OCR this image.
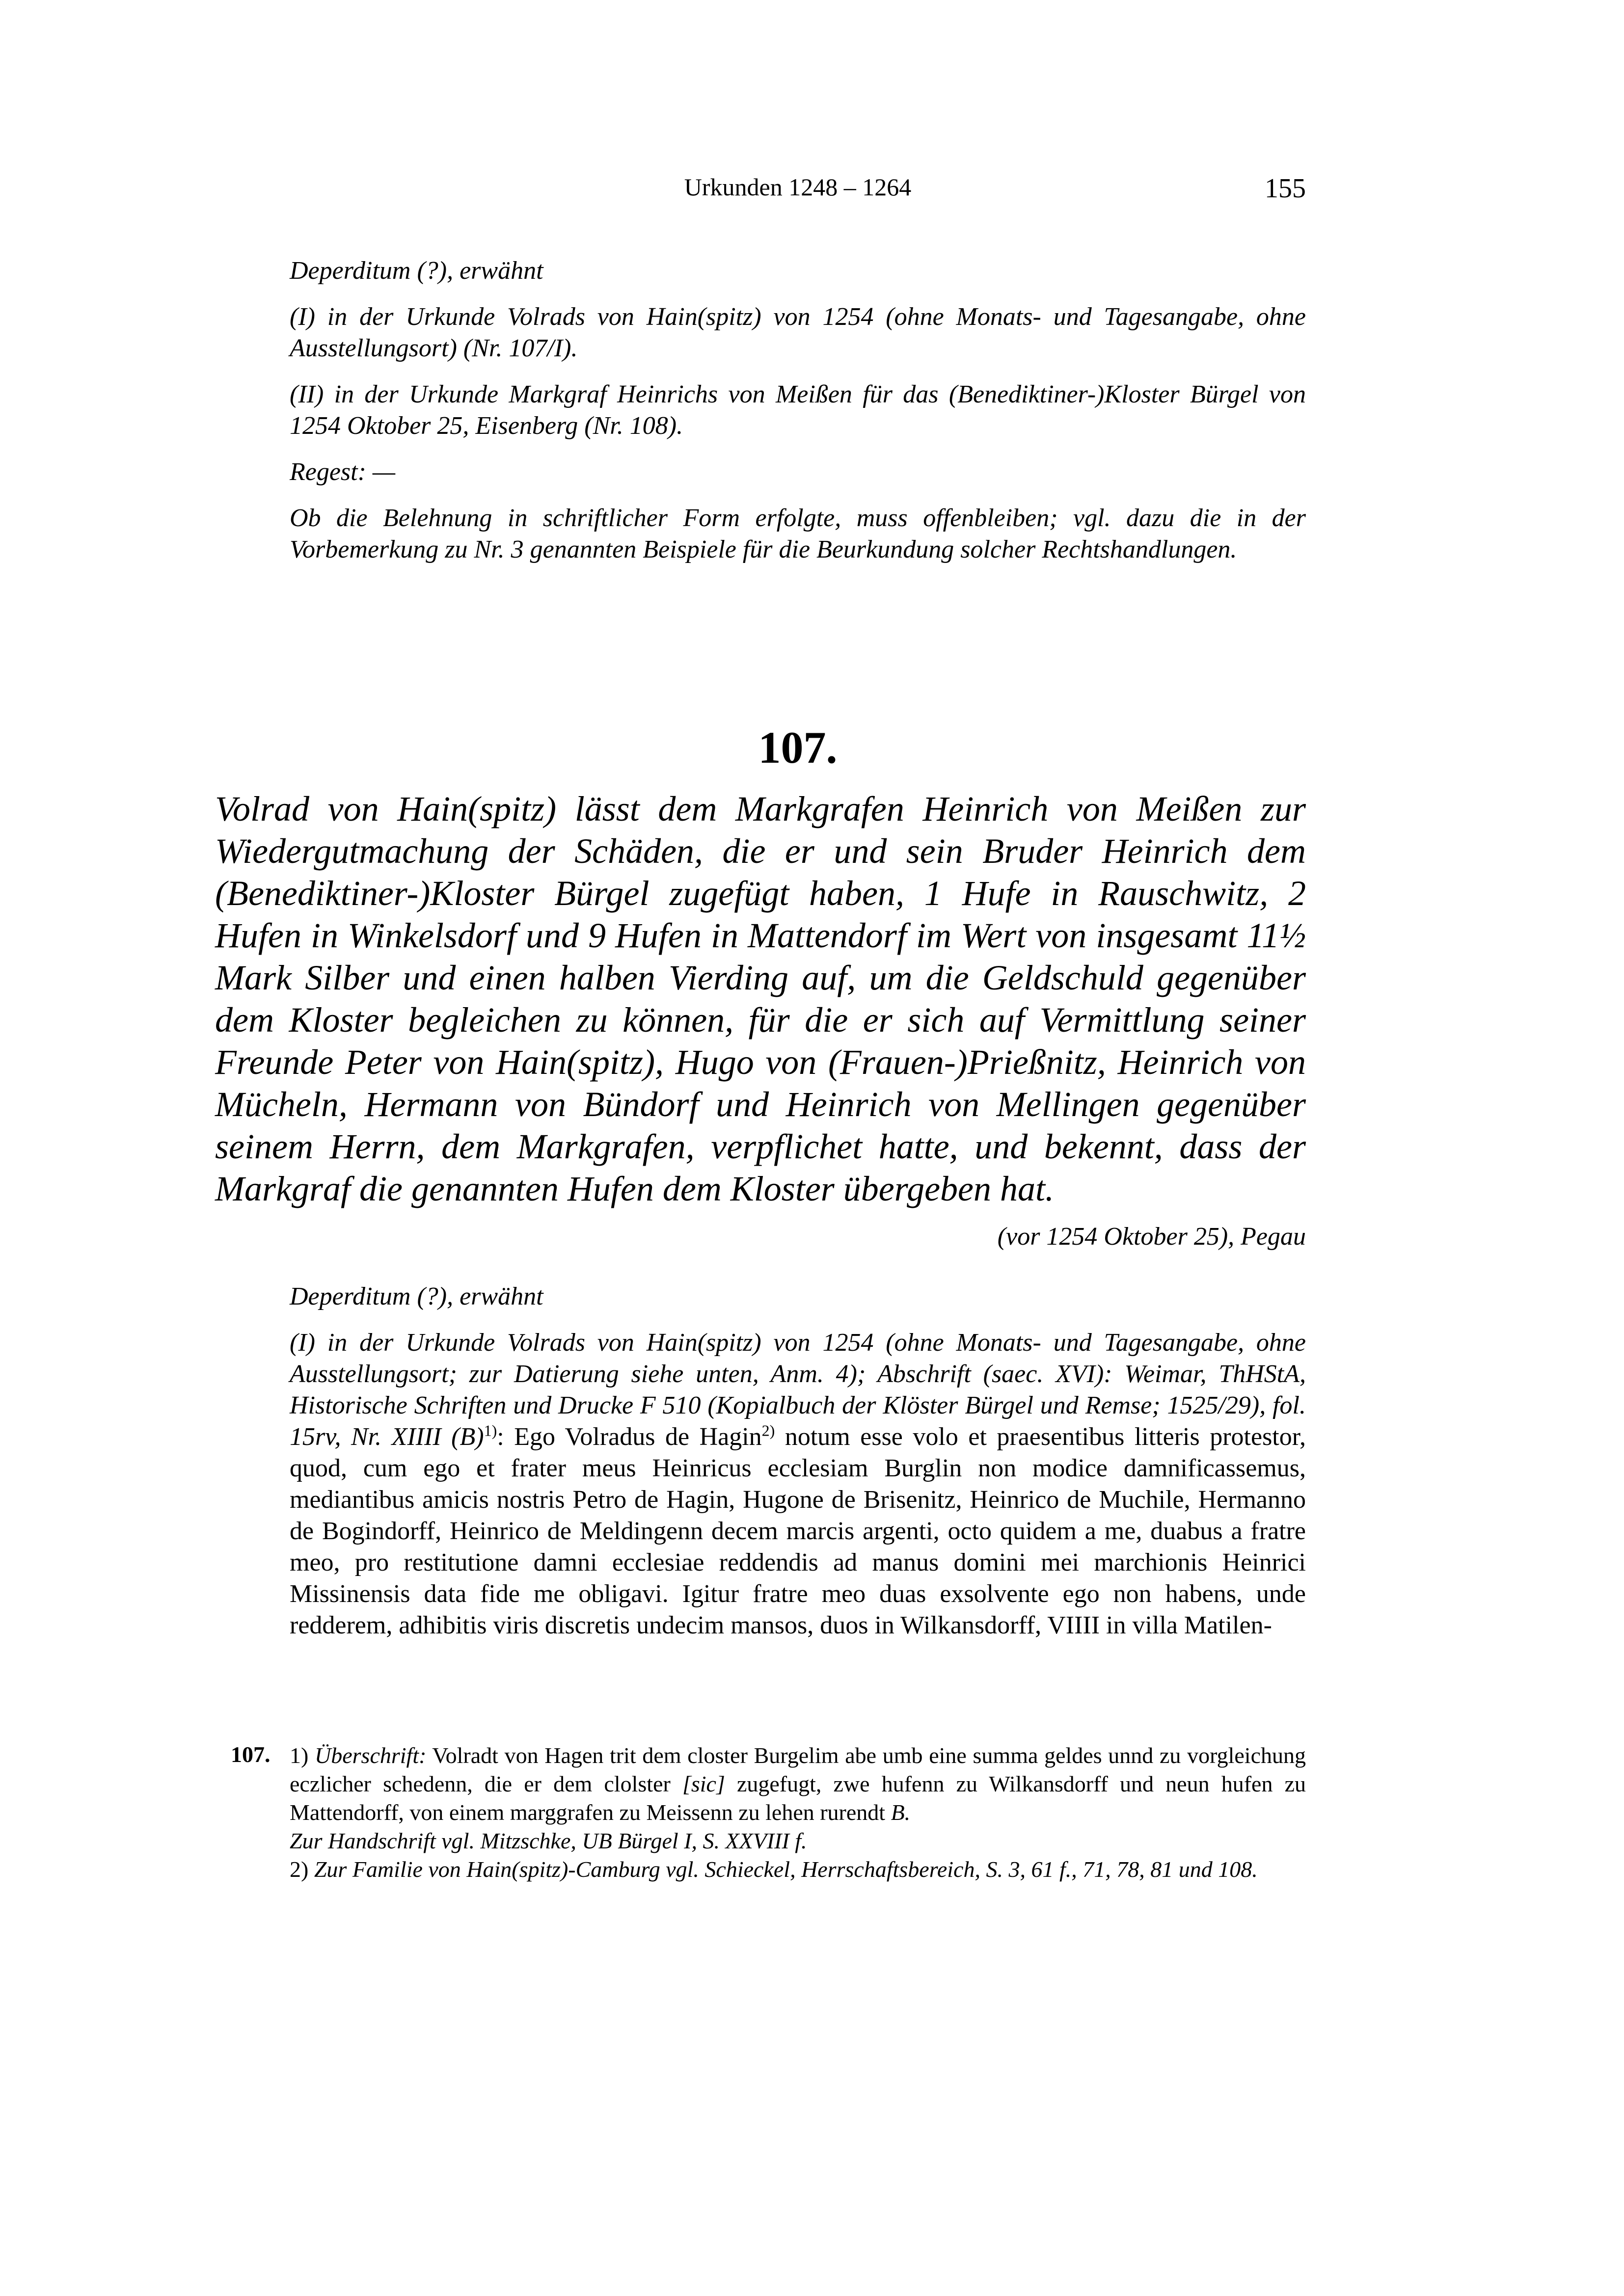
Urkunden 1248 – 1264	155

Deperditum (?), erwähnt

(I) in der Urkunde Volrads von Hain(spitz) von 1254 (ohne Monats- und Tagesangabe, ohne Ausstellungsort) (Nr. 107/I).

(II) in der Urkunde Markgraf Heinrichs von Meißen für das (Benediktiner-)Kloster Bürgel von 1254 Oktober 25, Eisenberg (Nr. 108).

Regest: —

Ob die Belehnung in schriftlicher Form erfolgte, muss offenbleiben; vgl. dazu die in der Vorbemerkung zu Nr. 3 genannten Beispiele für die Beurkundung solcher Rechtshandlungen.

107.

Volrad von Hain(spitz) lässt dem Markgrafen Heinrich von Meißen zur Wiedergutmachung der Schäden, die er und sein Bruder Heinrich dem (Benediktiner-)Kloster Bürgel zugefügt haben, 1 Hufe in Rauschwitz, 2 Hufen in Winkelsdorf und 9 Hufen in Mattendorf im Wert von insgesamt 11½ Mark Silber und einen halben Vierding auf, um die Geldschuld gegenüber dem Kloster begleichen zu können, für die er sich auf Vermittlung seiner Freunde Peter von Hain(spitz), Hugo von (Frauen-)Prießnitz, Heinrich von Mücheln, Hermann von Bündorf und Heinrich von Mellingen gegenüber seinem Herrn, dem Markgrafen, verpflichet hatte, und bekennt, dass der Markgraf die genannten Hufen dem Kloster übergeben hat.

(vor 1254 Oktober 25), Pegau

Deperditum (?), erwähnt

(I) in der Urkunde Volrads von Hain(spitz) von 1254 (ohne Monats- und Tagesangabe, ohne Ausstellungsort; zur Datierung siehe unten, Anm. 4); Abschrift (saec. XVI): Weimar, ThHStA, Historische Schriften und Drucke F 510 (Kopialbuch der Klöster Bürgel und Remse; 1525/29), fol. 15rv, Nr. XIIII $(B)^{1)}$: Ego Volradus de Hagin$^{2)}$ notum esse volo et praesentibus litteris protestor, quod, cum ego et frater meus Heinricus ecclesiam Burglin non modice damnificassemus, mediantibus amicis nostris Petro de Hagin, Hugone de Brisenitz, Heinrico de Muchile, Hermanno de Bogindorff, Heinrico de Meldingenn decem marcis argenti, octo quidem a me, duabus a fratre meo, pro restitutione damni ecclesiae reddendis ad manus domini mei marchionis Heinrici Missinensis data fide me obligavi. Igitur fratre meo duas exsolvente ego non habens, unde redderem, adhibitis viris discretis undecim mansos, duos in Wilkansdorff, VIIII in villa Matilen-

107. 1) Überschrift: Volradt von Hagen trit dem closter Burgelim abe umb eine summa geldes unnd zu vorgleichung eczlicher schedenn, die er dem clolster [sic] zugefugt, zwe hufenn zu Wilkansdorff und neun hufen zu Mattendorff, von einem marggrafen zu Meissenn zu lehen rurendt B.
Zur Handschrift vgl. Mitzschke, UB Bürgel I, S. XXVIII f.

2) Zur Familie von Hain(spitz)-Camburg vgl. Schieckel, Herrschaftsbereich, S. 3, 61 f., 71, 78, 81 und 108.
